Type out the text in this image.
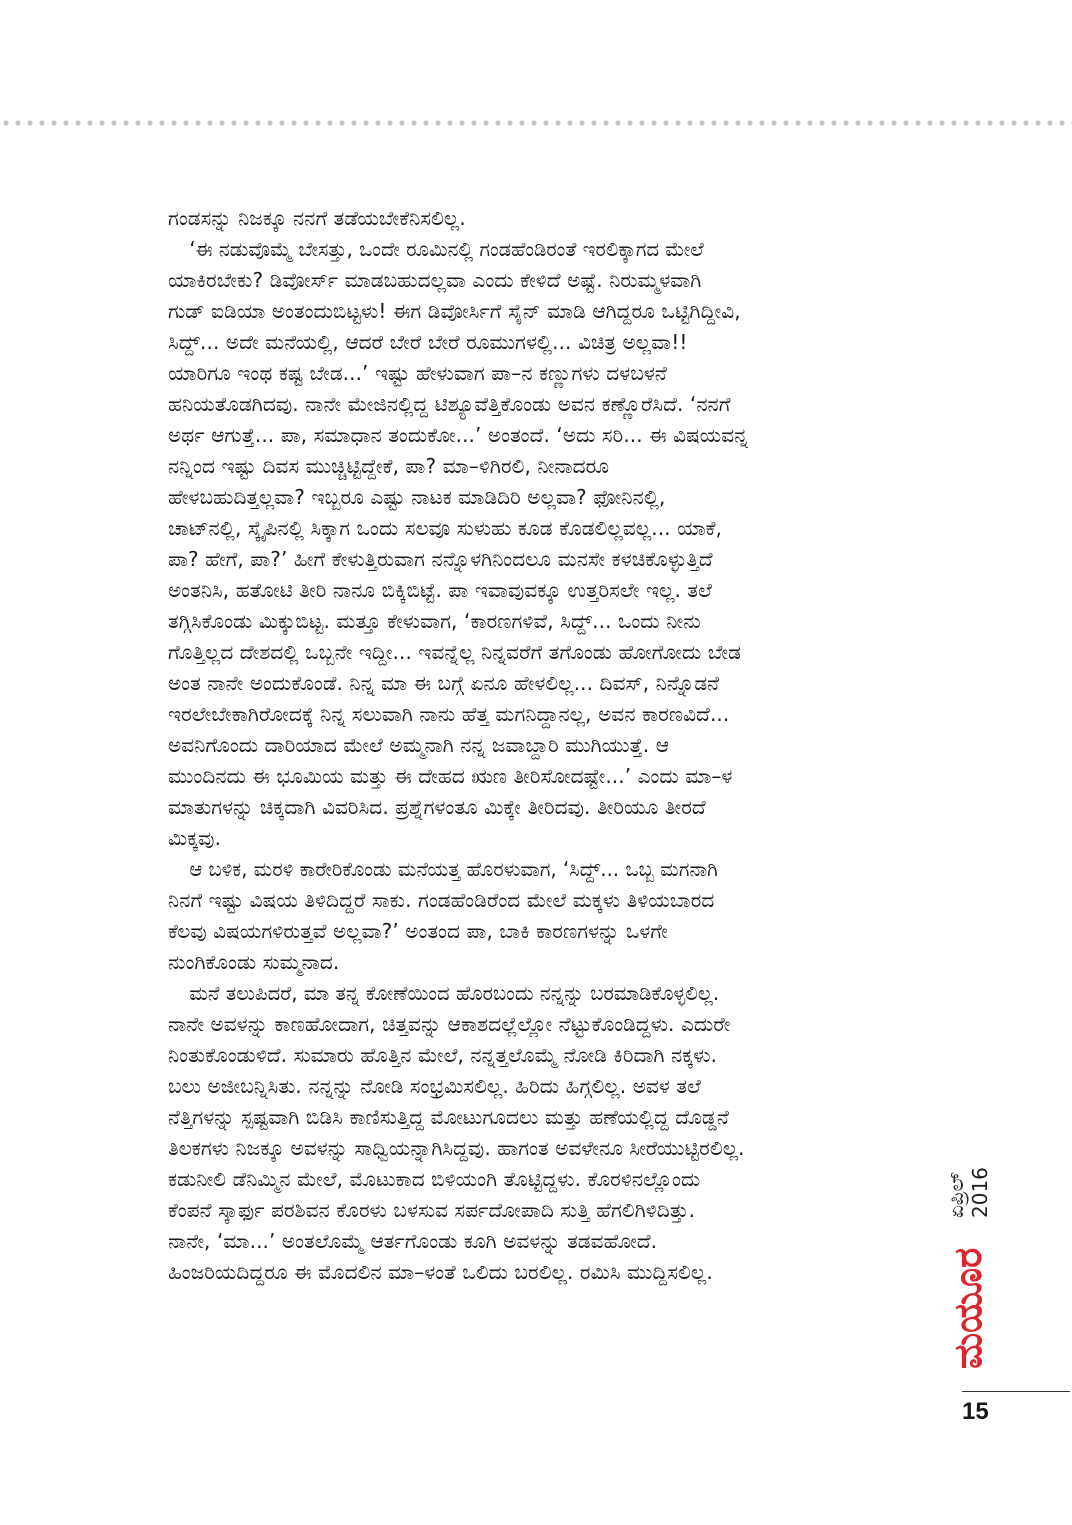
ಗಂಡಸನ್ನು ನಿಜಕ್ಕೂ ನನಗೆ ತಡೆಯಬೇಕೆನಿಸಲಿಲ್ಲ.
‘ಈ ನಡುವೊಮ್ಮೆ ಬೇಸತ್ತು, ಒಂದೇ ರೂಮಿನಲ್ಲಿ ಗಂಡಹೆಂಡಿರಂತೆ ಇರಲಿಕ್ಕಾಗದ ಮೇಲೆ
ಯಾಕಿರಬೇಕು? ಡಿವೋರ್ಸ್ ಮಾಡಬಹುದಲ್ಲವಾ ಎಂದು ಕೇಳಿದೆ ಅಷ್ಟೆ. ನಿರುಮ್ಮಳವಾಗಿ
ಗುಡ್ ಐಡಿಯಾ ಅಂತಂದುಬಿಟ್ಟಳು! ಈಗ ಡಿವೋರ್ಸಿಗೆ ಸೈನ್ ಮಾಡಿ ಆಗಿದ್ದರೂ ಒಟ್ಟಿಗಿದ್ದೀವಿ,
ಸಿದ್ದ್... ಅದೇ ಮನೆಯಲ್ಲಿ, ಆದರೆ ಬೇರೆ ಬೇರೆ ರೂಮುಗಳಲ್ಲಿ... ವಿಚಿತ್ರ ಅಲ್ಲವಾ!!
ಯಾರಿಗೂ ಇಂಥ ಕಷ್ಟ ಬೇಡ...’ ಇಷ್ಟು ಹೇಳುವಾಗ ಪಾ–ನ ಕಣ್ಣುಗಳು ದಳಬಳನೆ
ಹನಿಯತೊಡಗಿದವು. ನಾನೇ ಮೇಜಿನಲ್ಲಿದ್ದ ಟಿಶ್ಯೂವೆತ್ತಿಕೊಂಡು ಅವನ ಕಣ್ಣೊರೆಸಿದೆ. ‘ನನಗೆ
ಅರ್ಥ ಆಗುತ್ತೆ... ಪಾ, ಸಮಾಧಾನ ತಂದುಕೋ...’ ಅಂತಂದೆ. ‘ಅದು ಸರಿ... ಈ ವಿಷಯವನ್ನ
ನನ್ನಿಂದ ಇಷ್ಟು ದಿವಸ ಮುಚ್ಚಿಟ್ಟಿದ್ದೇಕೆ, ಪಾ? ಮಾ–ಳಿಗಿರಲಿ, ನೀನಾದರೂ
ಹೇಳಬಹುದಿತ್ತಲ್ಲವಾ? ಇಬ್ಬರೂ ಎಷ್ಟು ನಾಟಕ ಮಾಡಿದಿರಿ ಅಲ್ಲವಾ? ಫೋನಿನಲ್ಲಿ,
ಚಾಟ್‌ನಲ್ಲಿ, ಸ್ಕೈಪಿನಲ್ಲಿ ಸಿಕ್ಕಾಗ ಒಂದು ಸಲವೂ ಸುಳುಹು ಕೂಡ ಕೊಡಲಿಲ್ಲವಲ್ಲ... ಯಾಕೆ,
ಪಾ? ಹೇಗೆ, ಪಾ?’ ಹೀಗೆ ಕೇಳುತ್ತಿರುವಾಗ ನನ್ನೊಳಗಿನಿಂದಲೂ ಮನಸೇ ಕಳಚಿಕೊಳ್ಳುತ್ತಿದೆ
ಅಂತನಿಸಿ, ಹತೋಟಿ ತೀರಿ ನಾನೂ ಬಿಕ್ಕಿಬಿಟ್ಟೆ. ಪಾ ಇವಾವುವಕ್ಕೂ ಉತ್ತರಿಸಲೇ ಇಲ್ಲ. ತಲೆ
ತಗ್ಗಿಸಿಕೊಂಡು ಮಿಕ್ಕುಬಿಟ್ಟ. ಮತ್ತೂ ಕೇಳುವಾಗ, ‘ಕಾರಣಗಳಿವೆ, ಸಿದ್ದ್... ಒಂದು ನೀನು
ಗೊತ್ತಿಲ್ಲದ ದೇಶದಲ್ಲಿ ಒಬ್ಬನೇ ಇದ್ದೀ... ಇವನ್ನೆಲ್ಲ ನಿನ್ನವರೆಗೆ ತಗೊಂಡು ಹೋಗೋದು ಬೇಡ
ಅಂತ ನಾನೇ ಅಂದುಕೊಂಡೆ. ನಿನ್ನ ಮಾ ಈ ಬಗ್ಗೆ ಏನೂ ಹೇಳಲಿಲ್ಲ... ದಿವಸ್, ನಿನ್ನೊಡನೆ
ಇರಲೇಬೇಕಾಗಿರೋದಕ್ಕೆ ನಿನ್ನ ಸಲುವಾಗಿ ನಾನು ಹೆತ್ತ ಮಗನಿದ್ದಾನಲ್ಲ, ಅವನ ಕಾರಣವಿದೆ...
ಅವನಿಗೊಂದು ದಾರಿಯಾದ ಮೇಲೆ ಅಮ್ಮನಾಗಿ ನನ್ನ ಜವಾಬ್ದಾರಿ ಮುಗಿಯುತ್ತೆ. ಆ
ಮುಂದಿನದು ಈ ಭೂಮಿಯ ಮತ್ತು ಈ ದೇಹದ ಋಣ ತೀರಿಸೋದಷ್ಟೇ...’ ಎಂದು ಮಾ–ಳ
ಮಾತುಗಳನ್ನು ಚಿಕ್ಕದಾಗಿ ವಿವರಿಸಿದ. ಪ್ರಶ್ನೆಗಳಂತೂ ಮಿಕ್ಕೇ ತೀರಿದವು. ತೀರಿಯೂ ತೀರದೆ
ಮಿಕ್ಕವು.
ಆ ಬಳಿಕ, ಮರಳಿ ಕಾರೇರಿಕೊಂಡು ಮನೆಯತ್ತ ಹೊರಳುವಾಗ, ‘ಸಿದ್ದ್... ಒಬ್ಬ ಮಗನಾಗಿ
ನಿನಗೆ ಇಷ್ಟು ವಿಷಯ ತಿಳಿದಿದ್ದರೆ ಸಾಕು. ಗಂಡಹೆಂಡಿರೆಂದ ಮೇಲೆ ಮಕ್ಕಳು ತಿಳಿಯಬಾರದ
ಕೆಲವು ವಿಷಯಗಳಿರುತ್ತವೆ ಅಲ್ಲವಾ?’ ಅಂತಂದ ಪಾ, ಬಾಕಿ ಕಾರಣಗಳನ್ನು ಒಳಗೇ
ನುಂಗಿಕೊಂಡು ಸುಮ್ಮನಾದ.
ಮನೆ ತಲುಪಿದರೆ, ಮಾ ತನ್ನ ಕೋಣೆಯಿಂದ ಹೊರಬಂದು ನನ್ನನ್ನು ಬರಮಾಡಿಕೊಳ್ಳಲಿಲ್ಲ.
ನಾನೇ ಅವಳನ್ನು ಕಾಣಹೋದಾಗ, ಚಿತ್ತವನ್ನು ಆಕಾಶದಲ್ಲೆಲ್ಲೋ ನೆಟ್ಟುಕೊಂಡಿದ್ದಳು. ಎದುರೇ
ನಿಂತುಕೊಂಡುಳಿದೆ. ಸುಮಾರು ಹೊತ್ತಿನ ಮೇಲೆ, ನನ್ನತ್ತಲೊಮ್ಮೆ ನೋಡಿ ಕಿರಿದಾಗಿ ನಕ್ಕಳು.
ಬಲು ಅಜೀಬನ್ನಿಸಿತು. ನನ್ನನ್ನು ನೋಡಿ ಸಂಭ್ರಮಿಸಲಿಲ್ಲ. ಹಿರಿದು ಹಿಗ್ಗಲಿಲ್ಲ. ಅವಳ ತಲೆ
ನೆತ್ತಿಗಳನ್ನು ಸ್ಪಷ್ಟವಾಗಿ ಬಿಡಿಸಿ ಕಾಣಿಸುತ್ತಿದ್ದ ಮೋಟುಗೂದಲು ಮತ್ತು ಹಣೆಯಲ್ಲಿದ್ದ ದೊಡ್ಡನೆ
ತಿಲಕಗಳು ನಿಜಕ್ಕೂ ಅವಳನ್ನು ಸಾಧ್ವಿಯನ್ನಾಗಿಸಿದ್ದವು. ಹಾಗಂತ ಅವಳೇನೂ ಸೀರೆಯುಟ್ಟಿರಲಿಲ್ಲ.
ಕಡುನೀಲಿ ಡೆನಿಮ್ಮಿನ ಮೇಲೆ, ಮೊಟುಕಾದ ಬಿಳಿಯಂಗಿ ತೊಟ್ಟಿದ್ದಳು. ಕೊರಳಿನಲ್ಲೊಂದು
ಕೆಂಪನೆ ಸ್ಕಾರ್ಫು ಪರಶಿವನ ಕೊರಳು ಬಳಸುವ ಸರ್ಪದೋಪಾದಿ ಸುತ್ತಿ ಹೆಗಲಿಗಿಳಿದಿತ್ತು.
ನಾನೇ, ‘ಮಾ...’ ಅಂತಲೊಮ್ಮೆ ಆರ್ತಗೊಂಡು ಕೂಗಿ ಅವಳನ್ನು ತಡವಹೋದೆ.
ಹಿಂಜರಿಯದಿದ್ದರೂ ಈ ಮೊದಲಿನ ಮಾ–ಳಂತೆ ಒಲಿದು ಬರಲಿಲ್ಲ. ರಮಿಸಿ ಮುದ್ದಿಸಲಿಲ್ಲ.
ಏಪ್ರಿಲ್ 2016
ಮಯೂರ
15
